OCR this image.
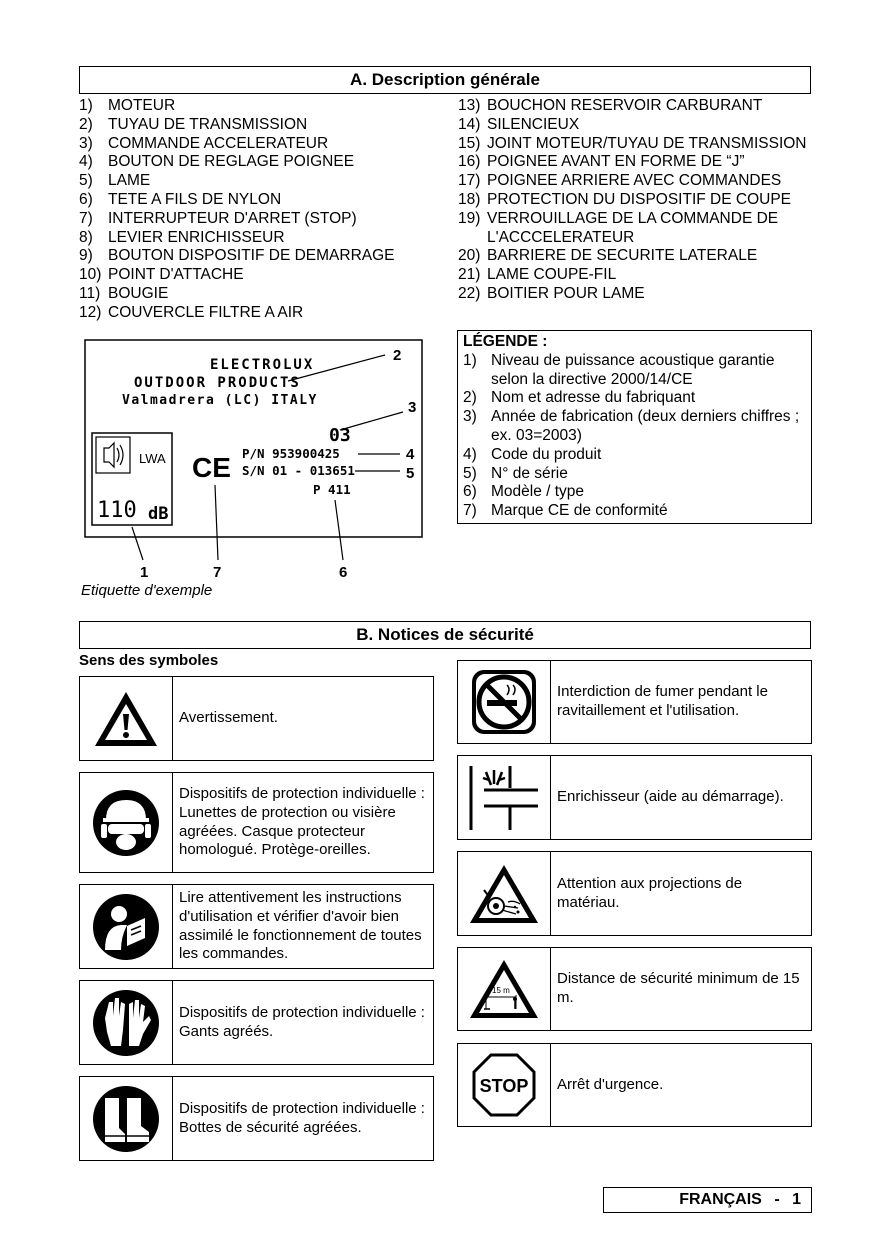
A. Description générale
1) MOTEUR
2) TUYAU DE TRANSMISSION
3) COMMANDE ACCELERATEUR
4) BOUTON DE REGLAGE POIGNEE
5) LAME
6) TETE A FILS DE NYLON
7) INTERRUPTEUR D'ARRET (STOP)
8) LEVIER ENRICHISSEUR
9) BOUTON DISPOSITIF DE DEMARRAGE
10) POINT D'ATTACHE
11) BOUGIE
12) COUVERCLE FILTRE A AIR
13) BOUCHON RESERVOIR CARBURANT
14) SILENCIEUX
15) JOINT MOTEUR/TUYAU DE TRANSMISSION
16) POIGNEE AVANT EN FORME DE “J”
17) POIGNEE ARRIERE AVEC COMMANDES
18) PROTECTION DU DISPOSITIF DE COUPE
19) VERROUILLAGE DE LA COMMANDE DE L'ACCCELERATEUR
20) BARRIERE DE SECURITE LATERALE
21) LAME COUPE-FIL
22) BOITIER POUR LAME
ELECTROLUX
OUTDOOR PRODUCTS
Valmadrera (LC) ITALY
03
P/N 953900425
S/N 01 - 013651
P 411
LWA
110 dB
CE
2
3
4
5
6
7
1
Etiquette d'exemple
LÉGENDE :
1) Niveau de puissance acoustique garantie selon la directive 2000/14/CE
2) Nom et adresse du fabriquant
3) Année de fabrication (deux derniers chiffres ; ex. 03=2003)
4) Code du produit
5) N° de série
6) Modèle / type
7) Marque CE de conformité
B. Notices de sécurité
Sens des symboles
Avertissement.
Dispositifs de protection individuelle : Lunettes de protection ou visière agréées. Casque protecteur homologué. Protège-oreilles.
Lire attentivement les instructions d'utilisation et vérifier d'avoir bien assimilé le fonctionnement de toutes les commandes.
Dispositifs de protection individuelle : Gants agréés.
Dispositifs de protection individuelle : Bottes de sécurité agréées.
Interdiction de fumer pendant le ravitaillement et l'utilisation.
Enrichisseur (aide au démarrage).
Attention aux projections de matériau.
15 m
Distance de sécurité minimum de 15 m.
STOP	Arrêt d'urgence.
FRANÇAIS - 1
